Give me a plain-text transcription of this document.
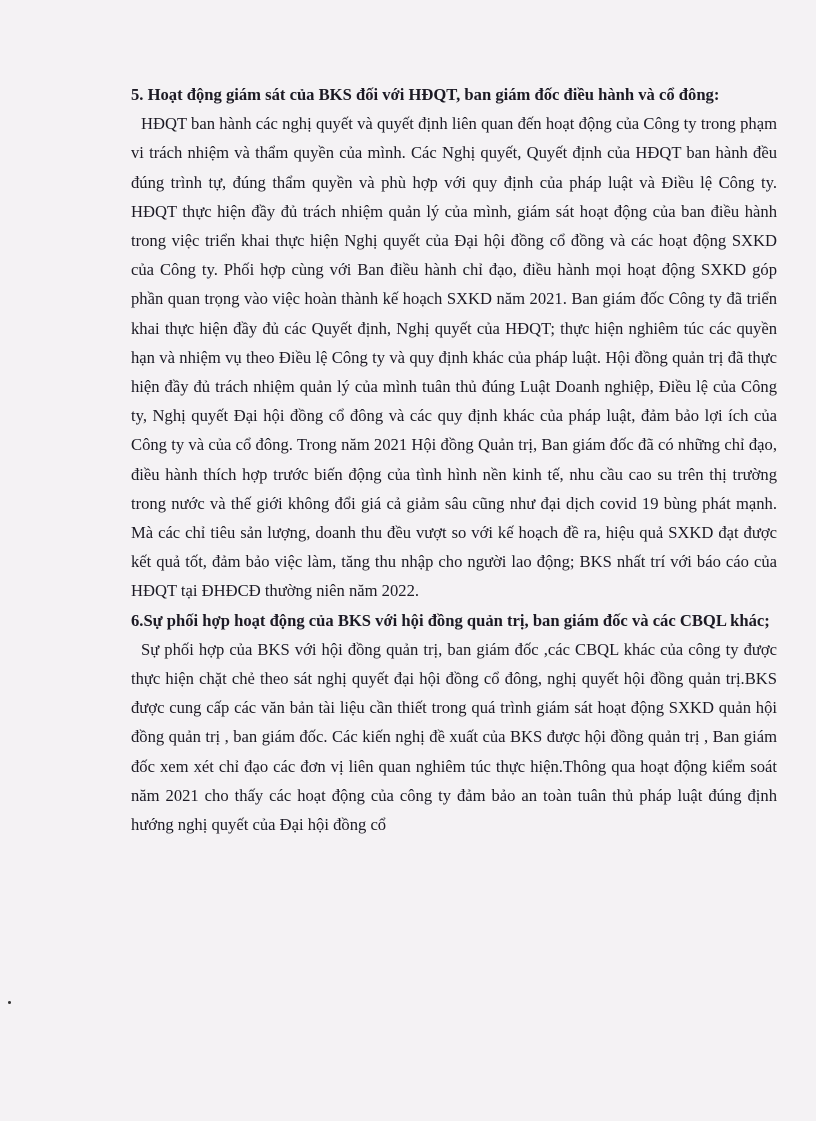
5. Hoạt động giám sát của BKS đối với HĐQT, ban giám đốc điều hành và cổ đông:

HĐQT ban hành các nghị quyết và quyết định liên quan đến hoạt động của Công ty trong phạm vi trách nhiệm và thẩm quyền của mình. Các Nghị quyết, Quyết định của HĐQT ban hành đều đúng trình tự, đúng thẩm quyền và phù hợp với quy định của pháp luật và Điều lệ Công ty. HĐQT thực hiện đầy đủ trách nhiệm quản lý của mình, giám sát hoạt động của ban điều hành trong việc triển khai thực hiện Nghị quyết của Đại hội đồng cổ đồng và các hoạt động SXKD của Công ty. Phối hợp cùng với Ban điều hành chỉ đạo, điều hành mọi hoạt động SXKD góp phần quan trọng vào việc hoàn thành kế hoạch SXKD năm 2021. Ban giám đốc Công ty đã triển khai thực hiện đầy đủ các Quyết định, Nghị quyết của HĐQT; thực hiện nghiêm túc các quyền hạn và nhiệm vụ theo Điều lệ Công ty và quy định khác của pháp luật. Hội đồng quản trị đã thực hiện đầy đủ trách nhiệm quản lý của mình tuân thủ đúng Luật Doanh nghiệp, Điều lệ của Công ty, Nghị quyết Đại hội đồng cổ đông và các quy định khác của pháp luật, đảm bảo lợi ích của Công ty và của cổ đông. Trong năm 2021 Hội đồng Quản trị, Ban giám đốc đã có những chỉ đạo, điều hành thích hợp trước biến động của tình hình nền kinh tế, nhu cầu cao su trên thị trường trong nước và thế giới không đổi giá cả giảm sâu cũng như đại dịch covid 19 bùng phát mạnh. Mà các chỉ tiêu sản lượng, doanh thu đều vượt so với kế hoạch đề ra, hiệu quả SXKD đạt được kết quả tốt, đảm bảo việc làm, tăng thu nhập cho người lao động; BKS nhất trí với báo cáo của HĐQT tại ĐHĐCĐ thường niên năm 2022.

6.Sự phối hợp hoạt động của BKS với hội đồng quản trị, ban giám đốc và các CBQL khác;

Sự phối hợp của BKS với hội đồng quản trị, ban giám đốc ,các CBQL khác của công ty được thực hiện chặt chẻ theo sát nghị quyết đại hội đồng cổ đông, nghị quyết hội đồng quản trị.BKS được cung cấp các văn bản tài liệu cần thiết trong quá trình giám sát hoạt động SXKD quản hội đồng quản trị , ban giám đốc. Các kiến nghị đề xuất của BKS được hội đồng quản trị , Ban giám đốc xem xét chỉ đạo các đơn vị liên quan nghiêm túc thực hiện.Thông qua hoạt động kiểm soát năm 2021 cho thấy các hoạt động của công ty đảm bảo an toàn tuân thủ pháp luật đúng định hướng nghị quyết của Đại hội đồng cổ
